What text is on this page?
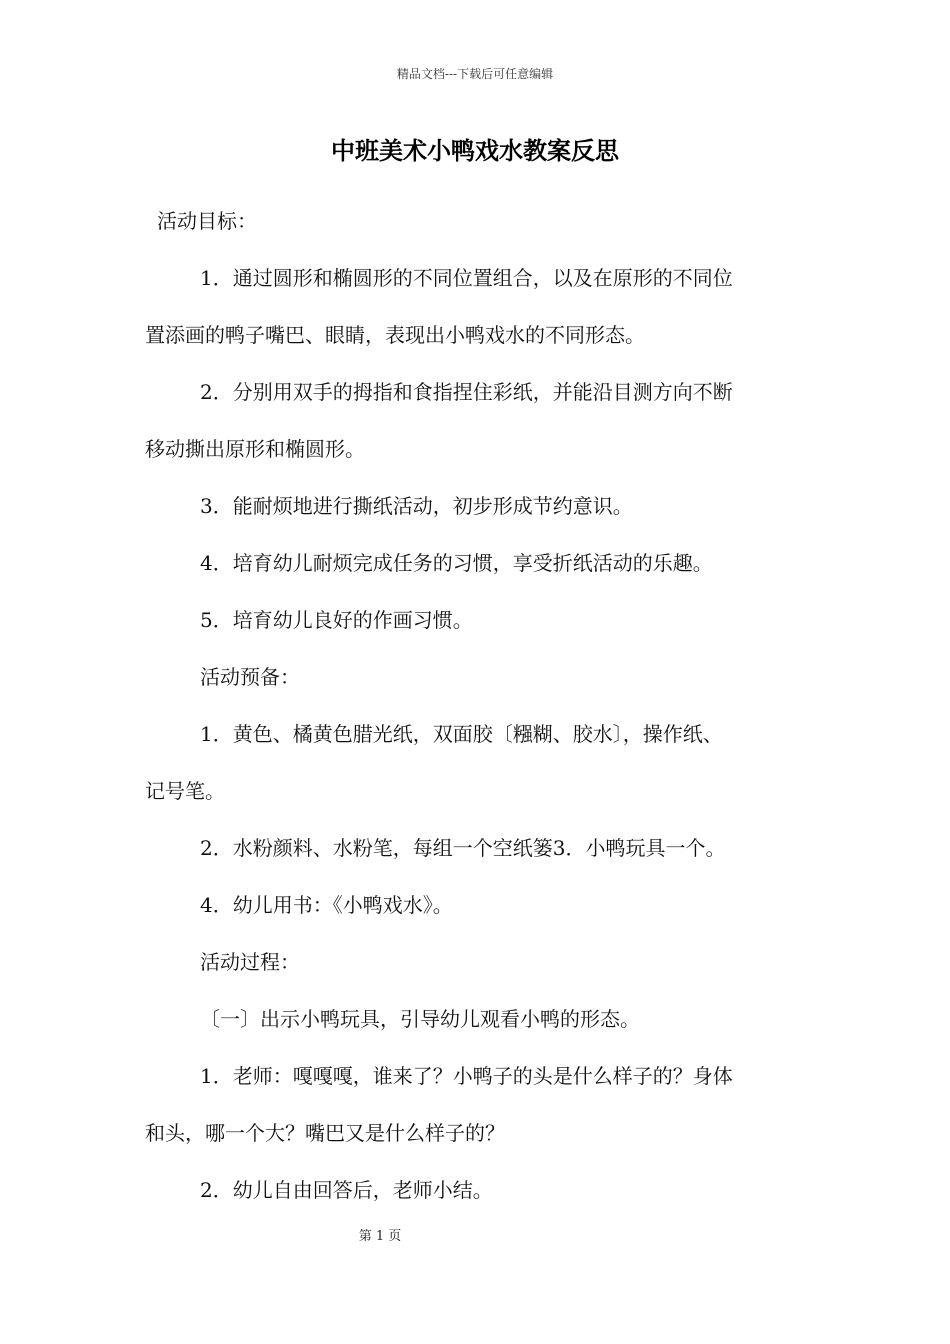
精品文档---下载后可任意编辑
中班美术小鸭戏水教案反思

活动目标：

1．通过圆形和椭圆形的不同位置组合，以及在原形的不同位

置添画的鸭子嘴巴、眼睛，表现出小鸭戏水的不同形态。

2．分别用双手的拇指和食指捏住彩纸，并能沿目测方向不断

移动撕出原形和椭圆形。

3．能耐烦地进行撕纸活动，初步形成节约意识。

4．培育幼儿耐烦完成任务的习惯，享受折纸活动的乐趣。

5．培育幼儿良好的作画习惯。

活动预备：

1．黄色、橘黄色腊光纸，双面胶〔糨糊、胶水〕，操作纸、

记号笔。

2．水粉颜料、水粉笔，每组一个空纸篓3．小鸭玩具一个。

4．幼儿用书：《小鸭戏水》。

活动过程：

〔一〕出示小鸭玩具，引导幼儿观看小鸭的形态。

1．老师：嘎嘎嘎，谁来了？小鸭子的头是什么样子的？身体

和头，哪一个大？嘴巴又是什么样子的？

2．幼儿自由回答后，老师小结。

第 1 页
